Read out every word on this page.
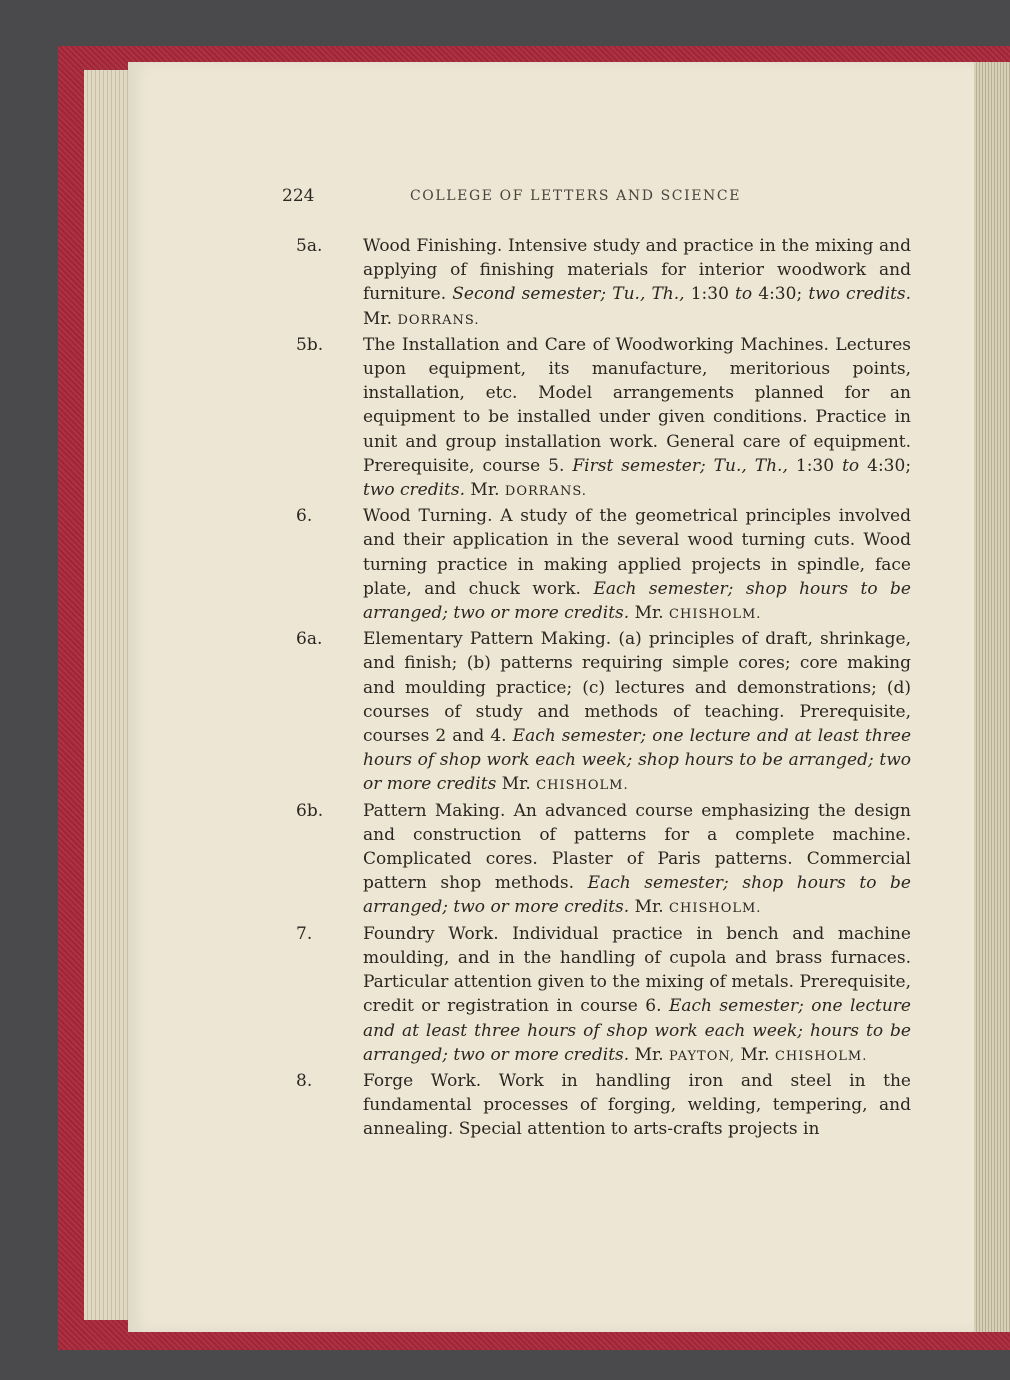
224	COLLEGE OF LETTERS AND SCIENCE

5a. Wood Finishing. Intensive study and practice in the mixing and applying of finishing materials for interior woodwork and furniture. Second semester; Tu., Th., 1:30 to 4:30; two credits. Mr. DORRANS.

5b. The Installation and Care of Woodworking Machines. Lectures upon equipment, its manufacture, meritorious points, installation, etc. Model arrangements planned for an equipment to be installed under given conditions. Practice in unit and group installation work. General care of equipment. Prerequisite, course 5. First semester; Tu., Th., 1:30 to 4:30; two credits. Mr. DORRANS.

6.	Wood Turning. A study of the geometrical principles involved and their application in the several wood turning cuts. Wood turning practice in making applied projects in spindle, face plate, and chuck work. Each semester; shop hours to be arranged; two or more credits. Mr. CHISHOLM.

6a. Elementary Pattern Making. (a) principles of draft, shrinkage, and finish; (b) patterns requiring simple cores; core making and moulding practice; (c) lectures and demonstrations; (d) courses of study and methods of teaching. Prerequisite, courses 2 and 4. Each semester; one lecture and at least three hours of shop work each week; shop hours to be arranged; two or more credits Mr. CHISHOLM.

6b. Pattern Making. An advanced course emphasizing the design and construction of patterns for a complete machine. Complicated cores. Plaster of Paris patterns. Commercial pattern shop methods. Each semester; shop hours to be arranged; two or more credits. Mr. CHISHOLM.

7.	Foundry Work. Individual practice in bench and machine moulding, and in the handling of cupola and brass furnaces. Particular attention given to the mixing of metals. Prerequisite, credit or registration in course 6. Each semester; one lecture and at least three hours of shop work each week; hours to be arranged; two or more credits. Mr. PAYTON, Mr. CHISHOLM.

8.	Forge Work. Work in handling iron and steel in the fundamental processes of forging, welding, tempering, and annealing. Special attention to arts-crafts projects in
